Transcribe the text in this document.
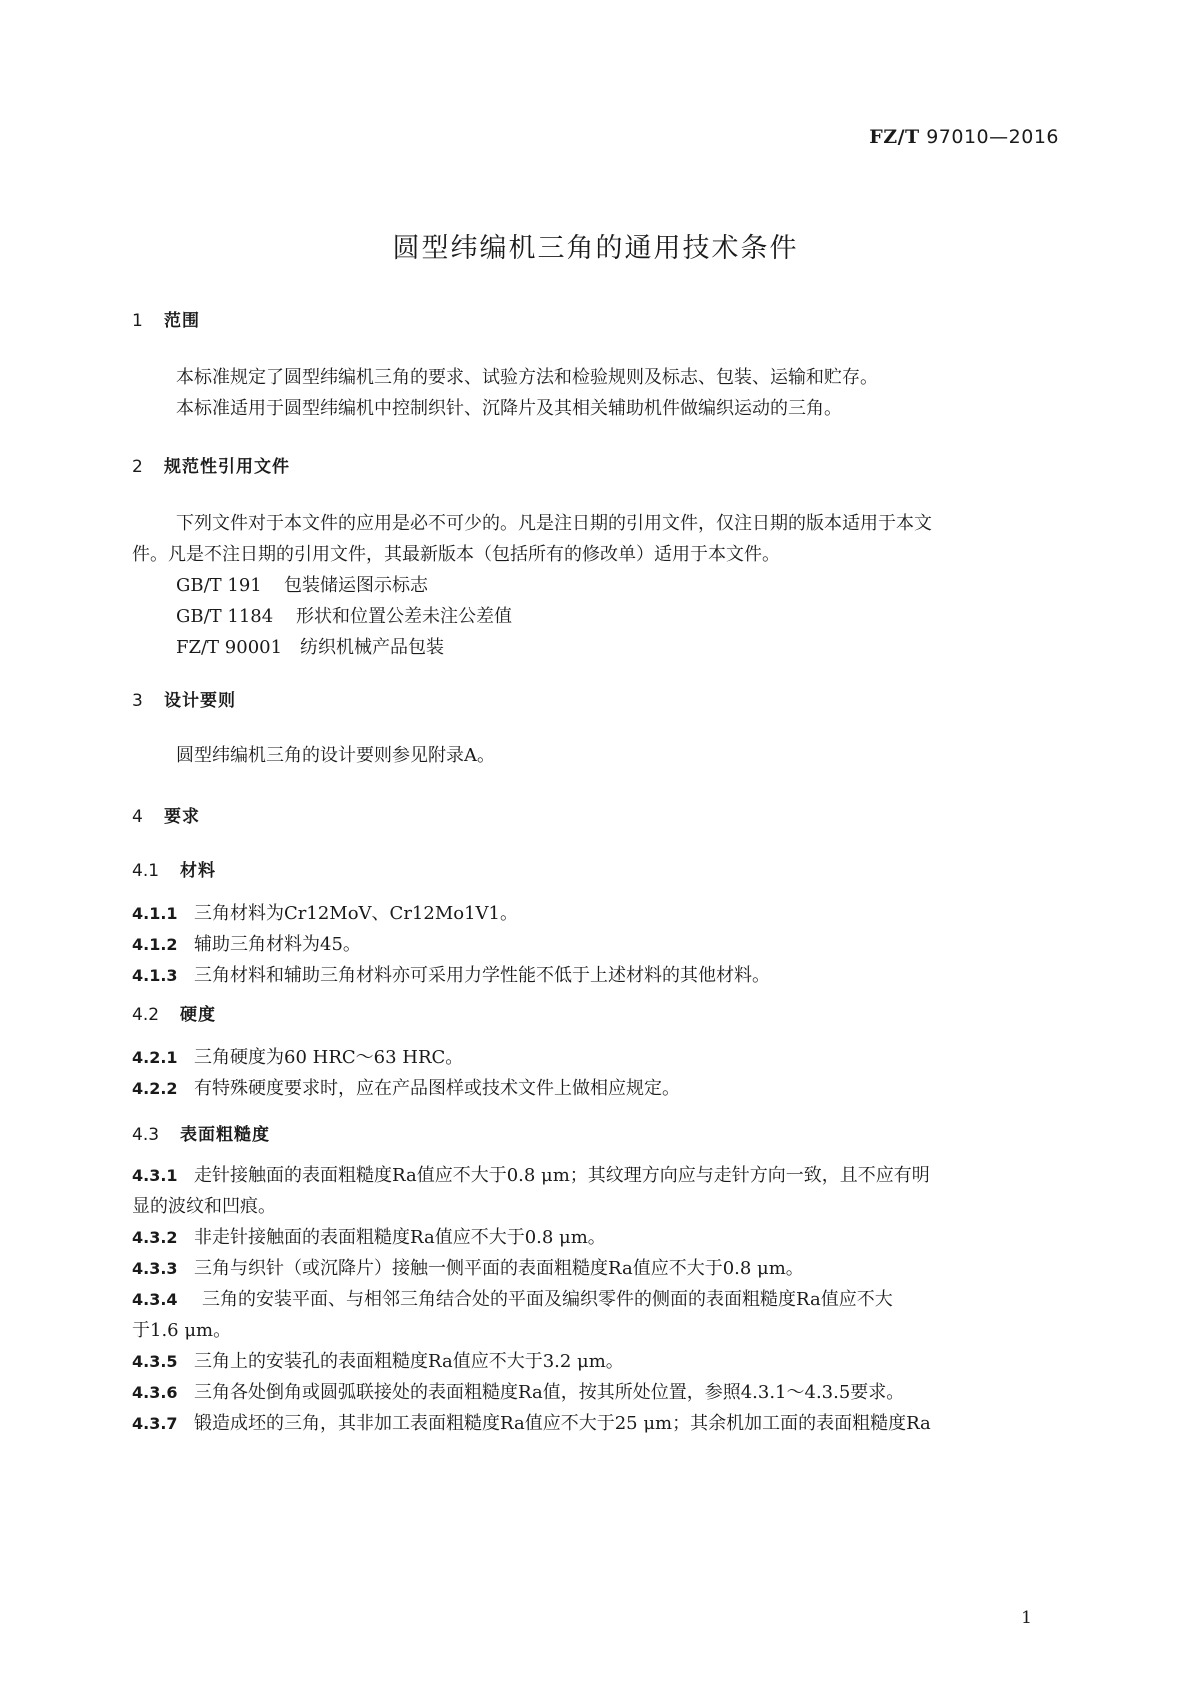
FZ/T 97010—2016
圆型纬编机三角的通用技术条件
1 范围

本标准规定了圆型纬编机三角的要求、试验方法和检验规则及标志、包装、运输和贮存。

本标准适用于圆型纬编机中控制织针、沉降片及其相关辅助机件做编织运动的三角。

2 规范性引用文件
下列文件对于本文件的应用是必不可少的。凡是注日期的引用文件，仅注日期的版本适用于本文
件。凡是不注日期的引用文件，其最新版本（包括所有的修改单）适用于本文件。
GB/T 191 包装储运图示标志
GB/T 1184 形状和位置公差未注公差值
FZ/T 90001 纺织机械产品包装
3 设计要则

圆型纬编机三角的设计要则参见附录A。

4 要求
4.1 材料
4.1.1 三角材料为Cr12MoV、Cr12Mo1V1。
4.1.2 辅助三角材料为45。
4.1.3 三角材料和辅助三角材料亦可采用力学性能不低于上述材料的其他材料。
4.2 硬度
4.2.1 三角硬度为60 HRC～63 HRC。
4.2.2 有特殊硬度要求时，应在产品图样或技术文件上做相应规定。
4.3 表面粗糙度
4.3.1 走针接触面的表面粗糙度Ra值应不大于0.8 μm；其纹理方向应与走针方向一致，且不应有明
显的波纹和凹痕。
4.3.2 非走针接触面的表面粗糙度Ra值应不大于0.8 μm。
4.3.3 三角与织针（或沉降片）接触一侧平面的表面粗糙度Ra值应不大于0.8 μm。
4.3.4 三角的安装平面、与相邻三角结合处的平面及编织零件的侧面的表面粗糙度Ra值应不大
于1.6 μm。
4.3.5 三角上的安装孔的表面粗糙度Ra值应不大于3.2 μm。
4.3.6 三角各处倒角或圆弧联接处的表面粗糙度Ra值，按其所处位置，参照4.3.1～4.3.5要求。
4.3.7 锻造成坯的三角，其非加工表面粗糙度Ra值应不大于25 μm；其余机加工面的表面粗糙度Ra
1
